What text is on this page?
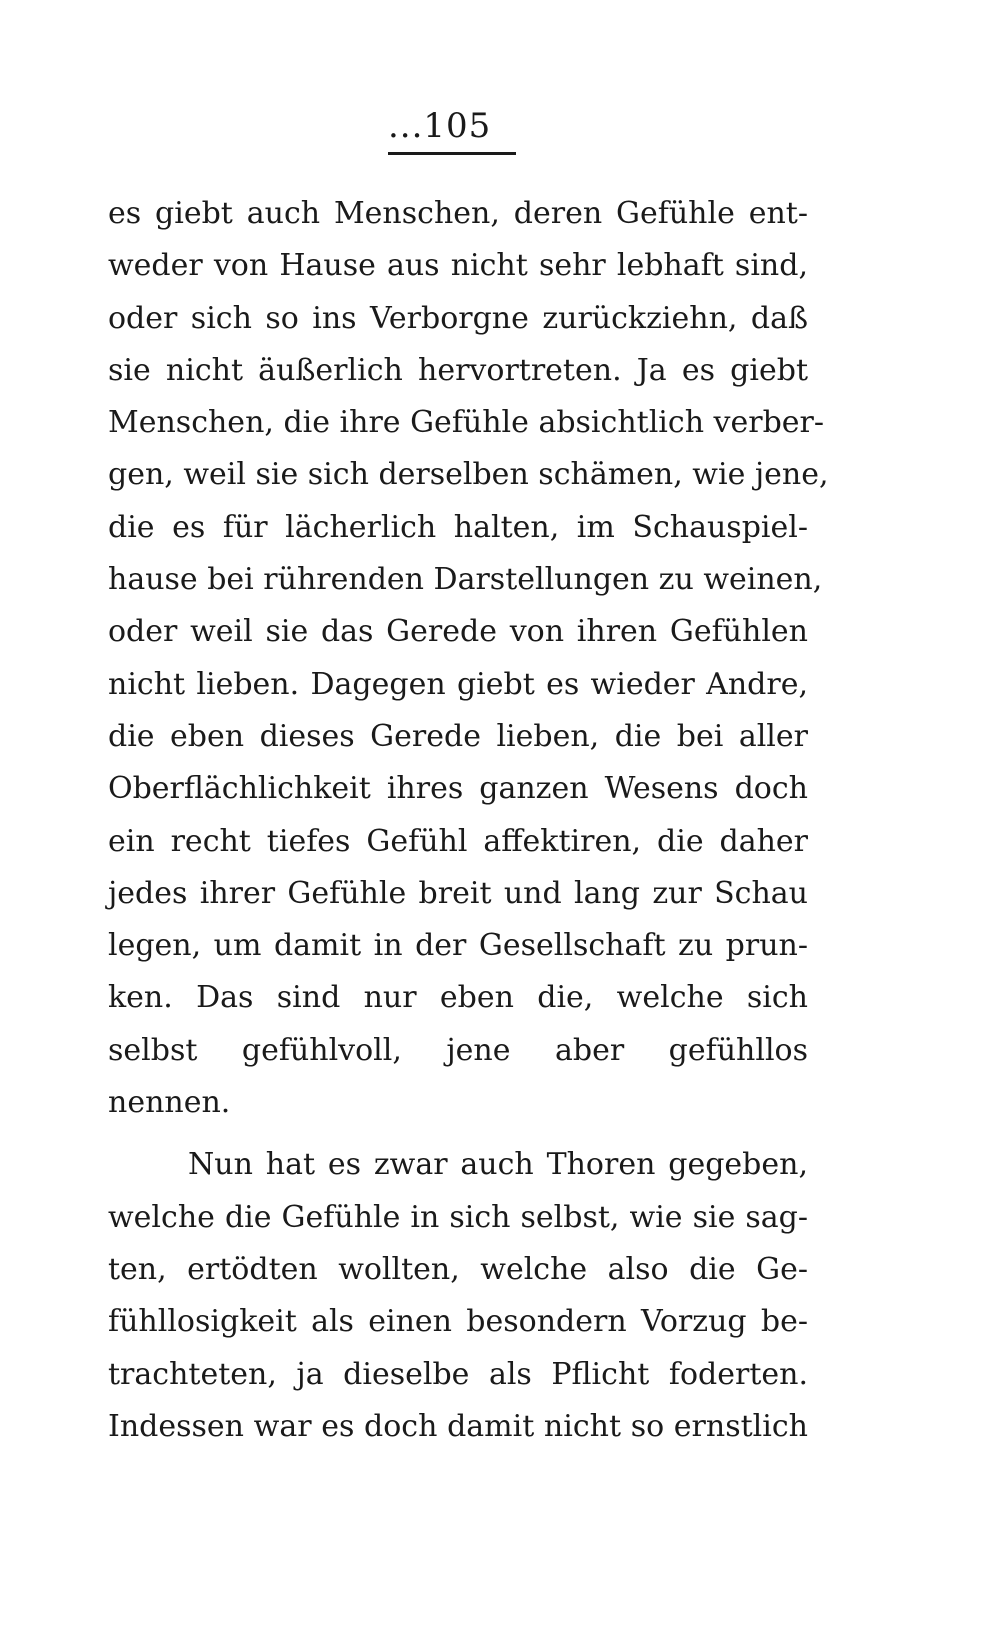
...105
es giebt auch Menschen, deren Gefühle ent-
weder von Hause aus nicht sehr lebhaft sind,
oder sich so ins Verborgne zurückziehn, daß
sie nicht äußerlich hervortreten. Ja es giebt
Menschen, die ihre Gefühle absichtlich verber-
gen, weil sie sich derselben schämen, wie jene,
die es für lächerlich halten, im Schauspiel-
hause bei rührenden Darstellungen zu weinen,
oder weil sie das Gerede von ihren Gefühlen
nicht lieben. Dagegen giebt es wieder Andre,
die eben dieses Gerede lieben, die bei aller
Oberflächlichkeit ihres ganzen Wesens doch
ein recht tiefes Gefühl affektiren, die daher
jedes ihrer Gefühle breit und lang zur Schau
legen, um damit in der Gesellschaft zu prun-
ken. Das sind nur eben die, welche sich
selbst gefühlvoll, jene aber gefühllos
nennen.
Nun hat es zwar auch Thoren gegeben,
welche die Gefühle in sich selbst, wie sie sag-
ten, ertödten wollten, welche also die Ge-
fühllosigkeit als einen besondern Vorzug be-
trachteten, ja dieselbe als Pflicht foderten.
Indessen war es doch damit nicht so ernstlich
